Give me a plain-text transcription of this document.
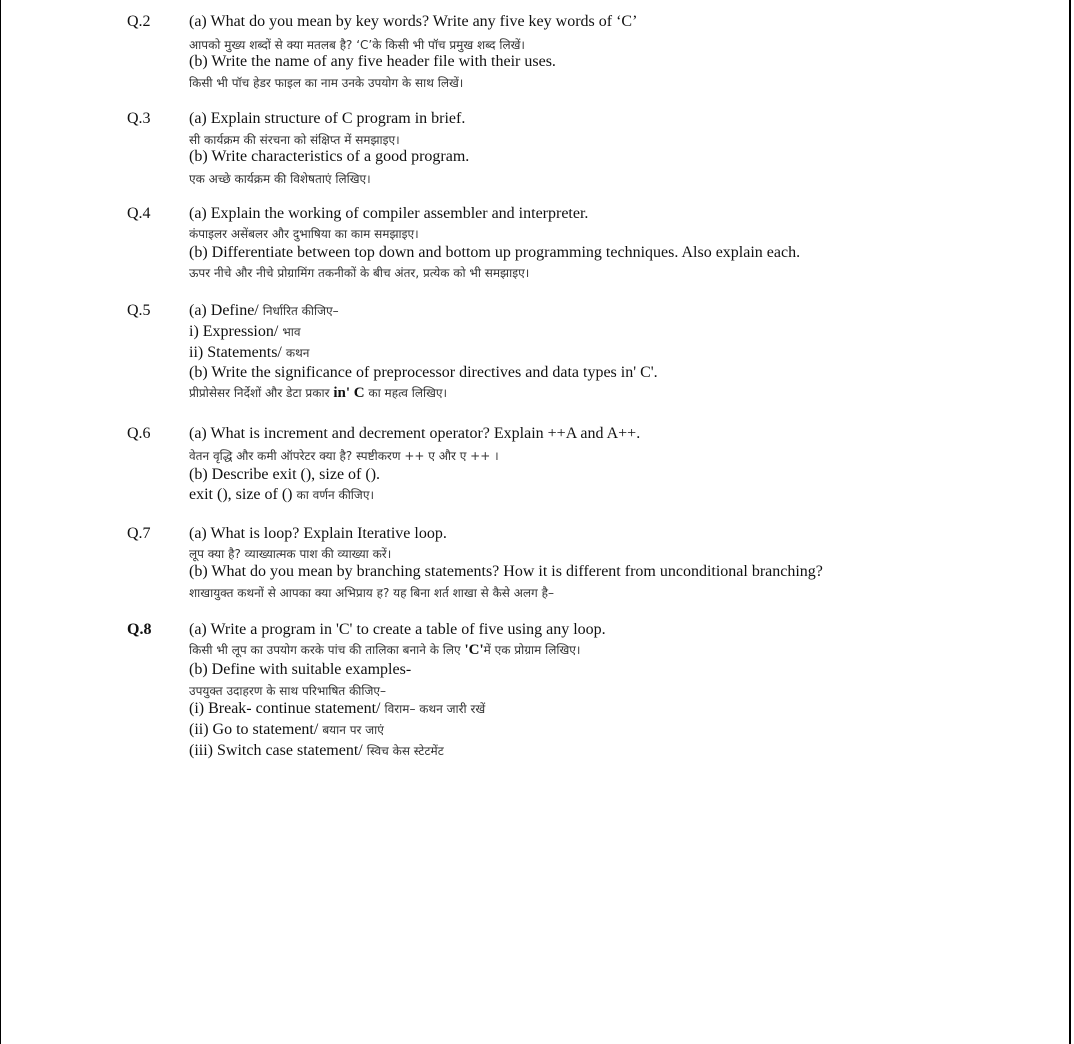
Q.2 (a) What do you mean by key words? Write any five key words of ‘C’
आपको मुख्य शब्दों से क्या मतलब है? ‘C’के किसी भी पॉच प्रमुख शब्द लिखें।
(b) Write the name of any five header file with their uses.
किसी भी पॉच हेडर फाइल का नाम उनके उपयोग के साथ लिखें।
Q.3 (a) Explain structure of C program in brief.
सी कार्यक्रम की संरचना को संक्षिप्त में समझाइए।
(b) Write characteristics of a good program.
एक अच्छे कार्यक्रम की विशेषताएं लिखिए।
Q.4 (a) Explain the working of compiler assembler and interpreter.
कंपाइलर असेंबलर और दुभाषिया का काम समझाइए।
(b) Differentiate between top down and bottom up programming techniques. Also explain each.
ऊपर नीचे और नीचे प्रोग्रामिंग तकनीकों के बीच अंतर, प्रत्येक को भी समझाइए।
Q.5 (a) Define/ निर्धारित कीजिए–
i) Expression/ भाव
ii) Statements/ कथन
(b) Write the significance of preprocessor directives and data types in' C'.
प्रीप्रोसेसर निर्देशों और डेटा प्रकार in' C का महत्व लिखिए।
Q.6 (a) What is increment and decrement operator? Explain ++A and A++.
वेतन वृद्धि और कमी ऑपरेटर क्या है? स्पष्टीकरण ++ ए और ए ++ ।
(b) Describe exit (), size of ().
exit (), size of () का वर्णन कीजिए।
Q.7 (a) What is loop? Explain Iterative loop.
लूप क्या है? व्याख्यात्मक पाश की व्याख्या करें।
(b) What do you mean by branching statements? How it is different from unconditional branching?
शाखायुक्त कथनों से आपका क्या अभिप्राय ह? यह बिना शर्त शाखा से कैसे अलग है–
Q.8 (a) Write a program in 'C' to create a table of five using any loop.
किसी भी लूप का उपयोग करके पांच की तालिका बनाने के लिए 'C'में एक प्रोग्राम लिखिए।
(b) Define with suitable examples-
उपयुक्त उदाहरण के साथ परिभाषित कीजिए–
(i) Break- continue statement/ विराम– कथन जारी रखें
(ii) Go to statement/ बयान पर जाएं
(iii) Switch case statement/ स्विच केस स्टेटमेंट
